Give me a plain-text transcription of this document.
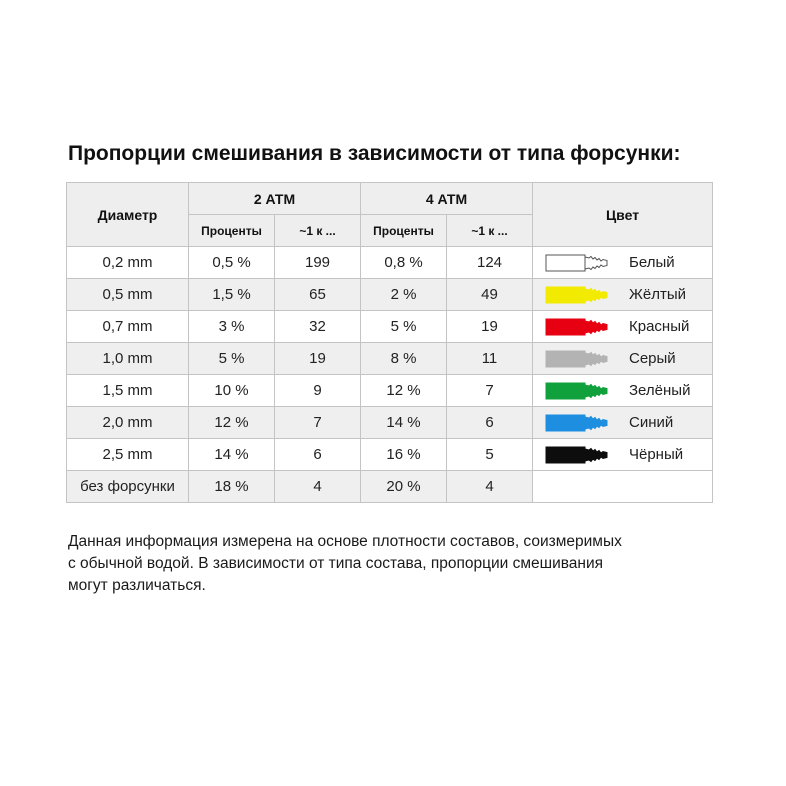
Пропорции смешивания в зависимости от типа форсунки:
Диаметр	2 АТМ		4 АТМ		Цвет
	Проценты	~1 к ...	Проценты	~1 к ...	
0,2 mm	0,5 %	199	0,8 %	124	Белый
0,5 mm	1,5 %	65	2 %	49	Жёлтый
0,7 mm	3 %	32	5 %	19	Красный
1,0 mm	5 %	19	8 %	11	Серый
1,5 mm	10 %	9	12 %	7	Зелёный
2,0 mm	12 %	7	14 %	6	Синий
2,5 mm	14 %	6	16 %	5	Чёрный
без форсунки	18 %	4	20 %	4	
Данная информация измерена на основе плотности составов, соизмеримых
с обычной водой. В зависимости от типа состава, пропорции смешивания
могут различаться.
